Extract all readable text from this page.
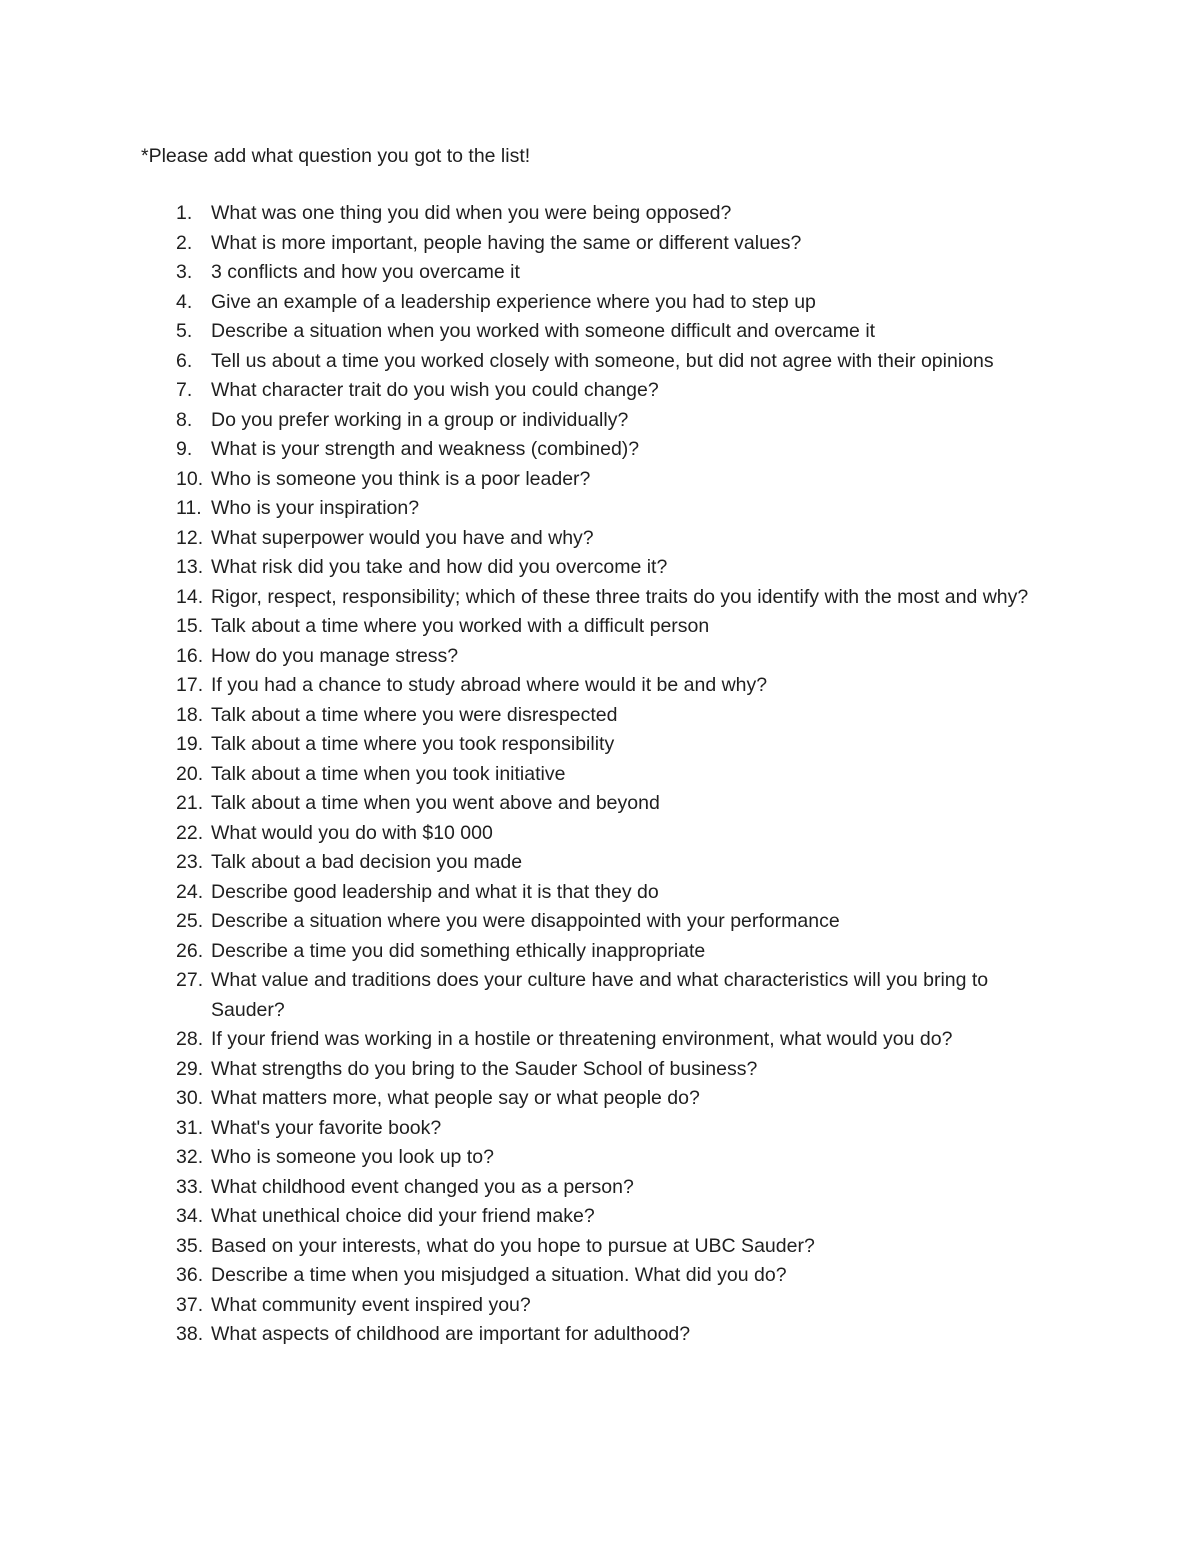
*Please add what question you got to the list!
1. What was one thing you did when you were being opposed?
2. What is more important, people having the same or different values?
3. 3 conflicts and how you overcame it
4. Give an example of a leadership experience where you had to step up
5. Describe a situation when you worked with someone difficult and overcame it
6. Tell us about a time you worked closely with someone, but did not agree with their opinions
7. What character trait do you wish you could change?
8. Do you prefer working in a group or individually?
9. What is your strength and weakness (combined)?
10. Who is someone you think is a poor leader?
11. Who is your inspiration?
12. What superpower would you have and why?
13. What risk did you take and how did you overcome it?
14. Rigor, respect, responsibility; which of these three traits do you identify with the most and why?
15. Talk about a time where you worked with a difficult person
16. How do you manage stress?
17. If you had a chance to study abroad where would it be and why?
18. Talk about a time where you were disrespected
19. Talk about a time where you took responsibility
20. Talk about a time when you took initiative
21. Talk about a time when you went above and beyond
22. What would you do with $10 000
23. Talk about a bad decision you made
24. Describe good leadership and what it is that they do
25. Describe a situation where you were disappointed with your performance
26. Describe a time you did something ethically inappropriate
27. What value and traditions does your culture have and what characteristics will you bring to Sauder?
28. If your friend was working in a hostile or threatening environment, what would you do?
29. What strengths do you bring to the Sauder School of business?
30. What matters more, what people say or what people do?
31. What's your favorite book?
32. Who is someone you look up to?
33. What childhood event changed you as a person?
34. What unethical choice did your friend make?
35. Based on your interests, what do you hope to pursue at UBC Sauder?
36. Describe a time when you misjudged a situation. What did you do?
37. What community event inspired you?
38. What aspects of childhood are important for adulthood?
